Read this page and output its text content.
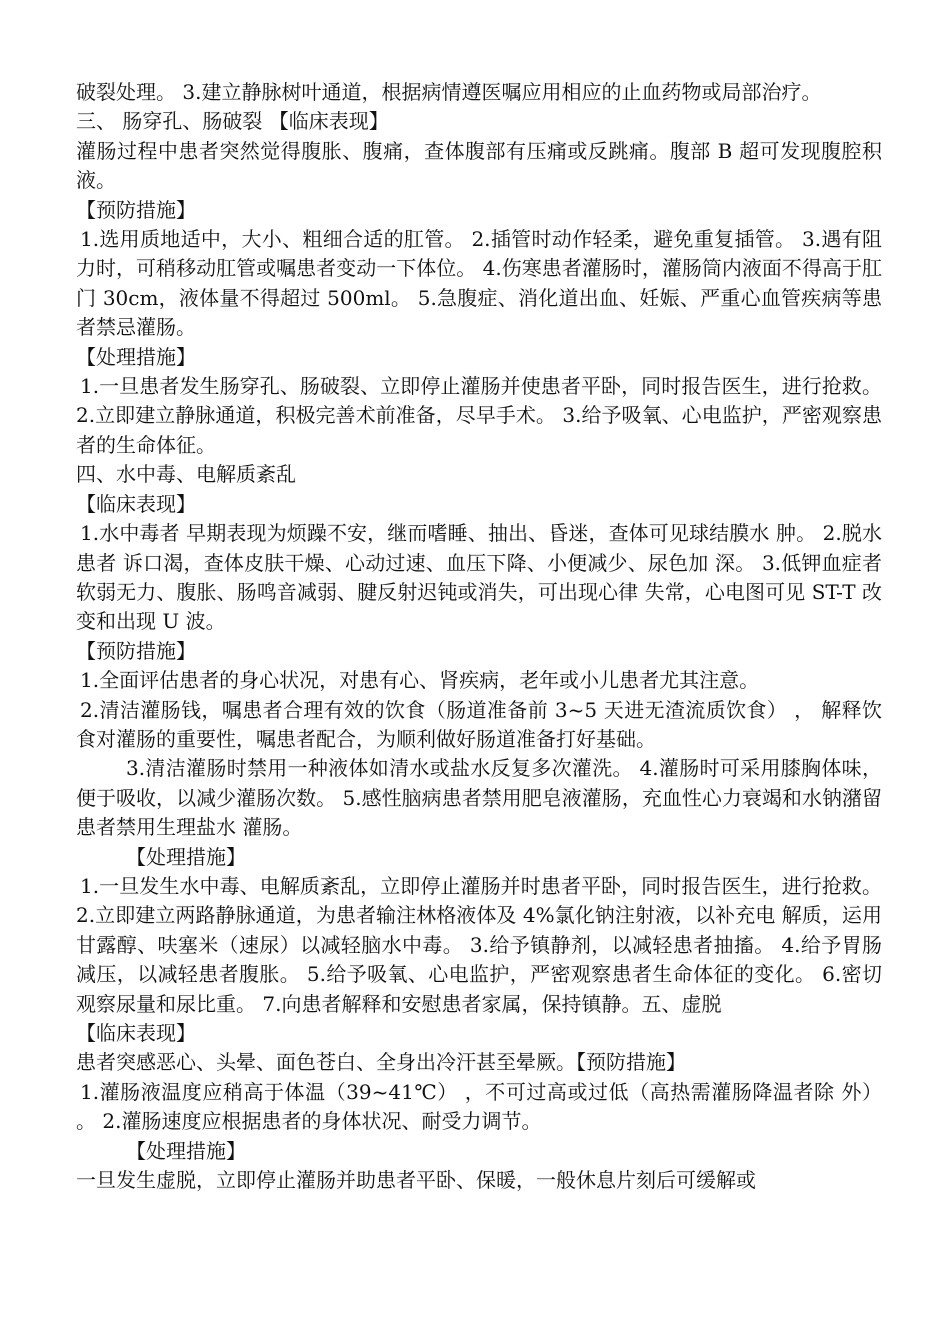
破裂处理。 3.建立静脉树叶通道，根据病情遵医嘱应用相应的止血药物或局部治疗。

三、 肠穿孔、肠破裂 【临床表现】

灌肠过程中患者突然觉得腹胀、腹痛，查体腹部有压痛或反跳痛。腹部 B 超可发现腹腔积液。

【预防措施】

1.选用质地适中，大小、粗细合适的肛管。 2.插管时动作轻柔，避免重复插管。 3.遇有阻力时，可稍移动肛管或嘱患者变动一下体位。 4.伤寒患者灌肠时，灌肠筒内液面不得高于肛门 30cm，液体量不得超过 500ml。 5.急腹症、消化道出血、妊娠、严重心血管疾病等患者禁忌灌肠。

【处理措施】

1.一旦患者发生肠穿孔、肠破裂、立即停止灌肠并使患者平卧，同时报告医生，进行抢救。 2.立即建立静脉通道，积极完善术前准备，尽早手术。 3.给予吸氧、心电监护，严密观察患者的生命体征。

四、水中毒、电解质紊乱

【临床表现】

1.水中毒者 早期表现为烦躁不安，继而嗜睡、抽出、昏迷，查体可见球结膜水 肿。 2.脱水患者 诉口渴，查体皮肤干燥、心动过速、血压下降、小便减少、尿色加 深。 3.低钾血症者 软弱无力、腹胀、肠鸣音减弱、腱反射迟钝或消失，可出现心律 失常，心电图可见 ST-T 改变和出现 U 波。

【预防措施】

1.全面评估患者的身心状况，对患有心、肾疾病，老年或小儿患者尤其注意。

2.清洁灌肠钱，嘱患者合理有效的饮食（肠道准备前 3~5 天进无渣流质饮食） ， 解释饮食对灌肠的重要性，嘱患者配合，为顺利做好肠道准备打好基础。

3.清洁灌肠时禁用一种液体如清水或盐水反复多次灌洗。 4.灌肠时可采用膝胸体味，便于吸收，以减少灌肠次数。 5.感性脑病患者禁用肥皂液灌肠，充血性心力衰竭和水钠潴留患者禁用生理盐水 灌肠。

【处理措施】

1.一旦发生水中毒、电解质紊乱，立即停止灌肠并时患者平卧，同时报告医生，进行抢救。 2.立即建立两路静脉通道，为患者输注林格液体及 4%氯化钠注射液，以补充电 解质，运用甘露醇、呋塞米（速尿）以减轻脑水中毒。 3.给予镇静剂，以减轻患者抽搐。 4.给予胃肠减压，以减轻患者腹胀。 5.给予吸氧、心电监护，严密观察患者生命体征的变化。 6.密切观察尿量和尿比重。 7.向患者解释和安慰患者家属，保持镇静。五、虚脱

【临床表现】

患者突感恶心、头晕、面色苍白、全身出冷汗甚至晕厥。【预防措施】

1.灌肠液温度应稍高于体温（39~41℃） ，不可过高或过低（高热需灌肠降温者除 外） 。 2.灌肠速度应根据患者的身体状况、耐受力调节。

【处理措施】

一旦发生虚脱，立即停止灌肠并助患者平卧、保暖，一般休息片刻后可缓解或
